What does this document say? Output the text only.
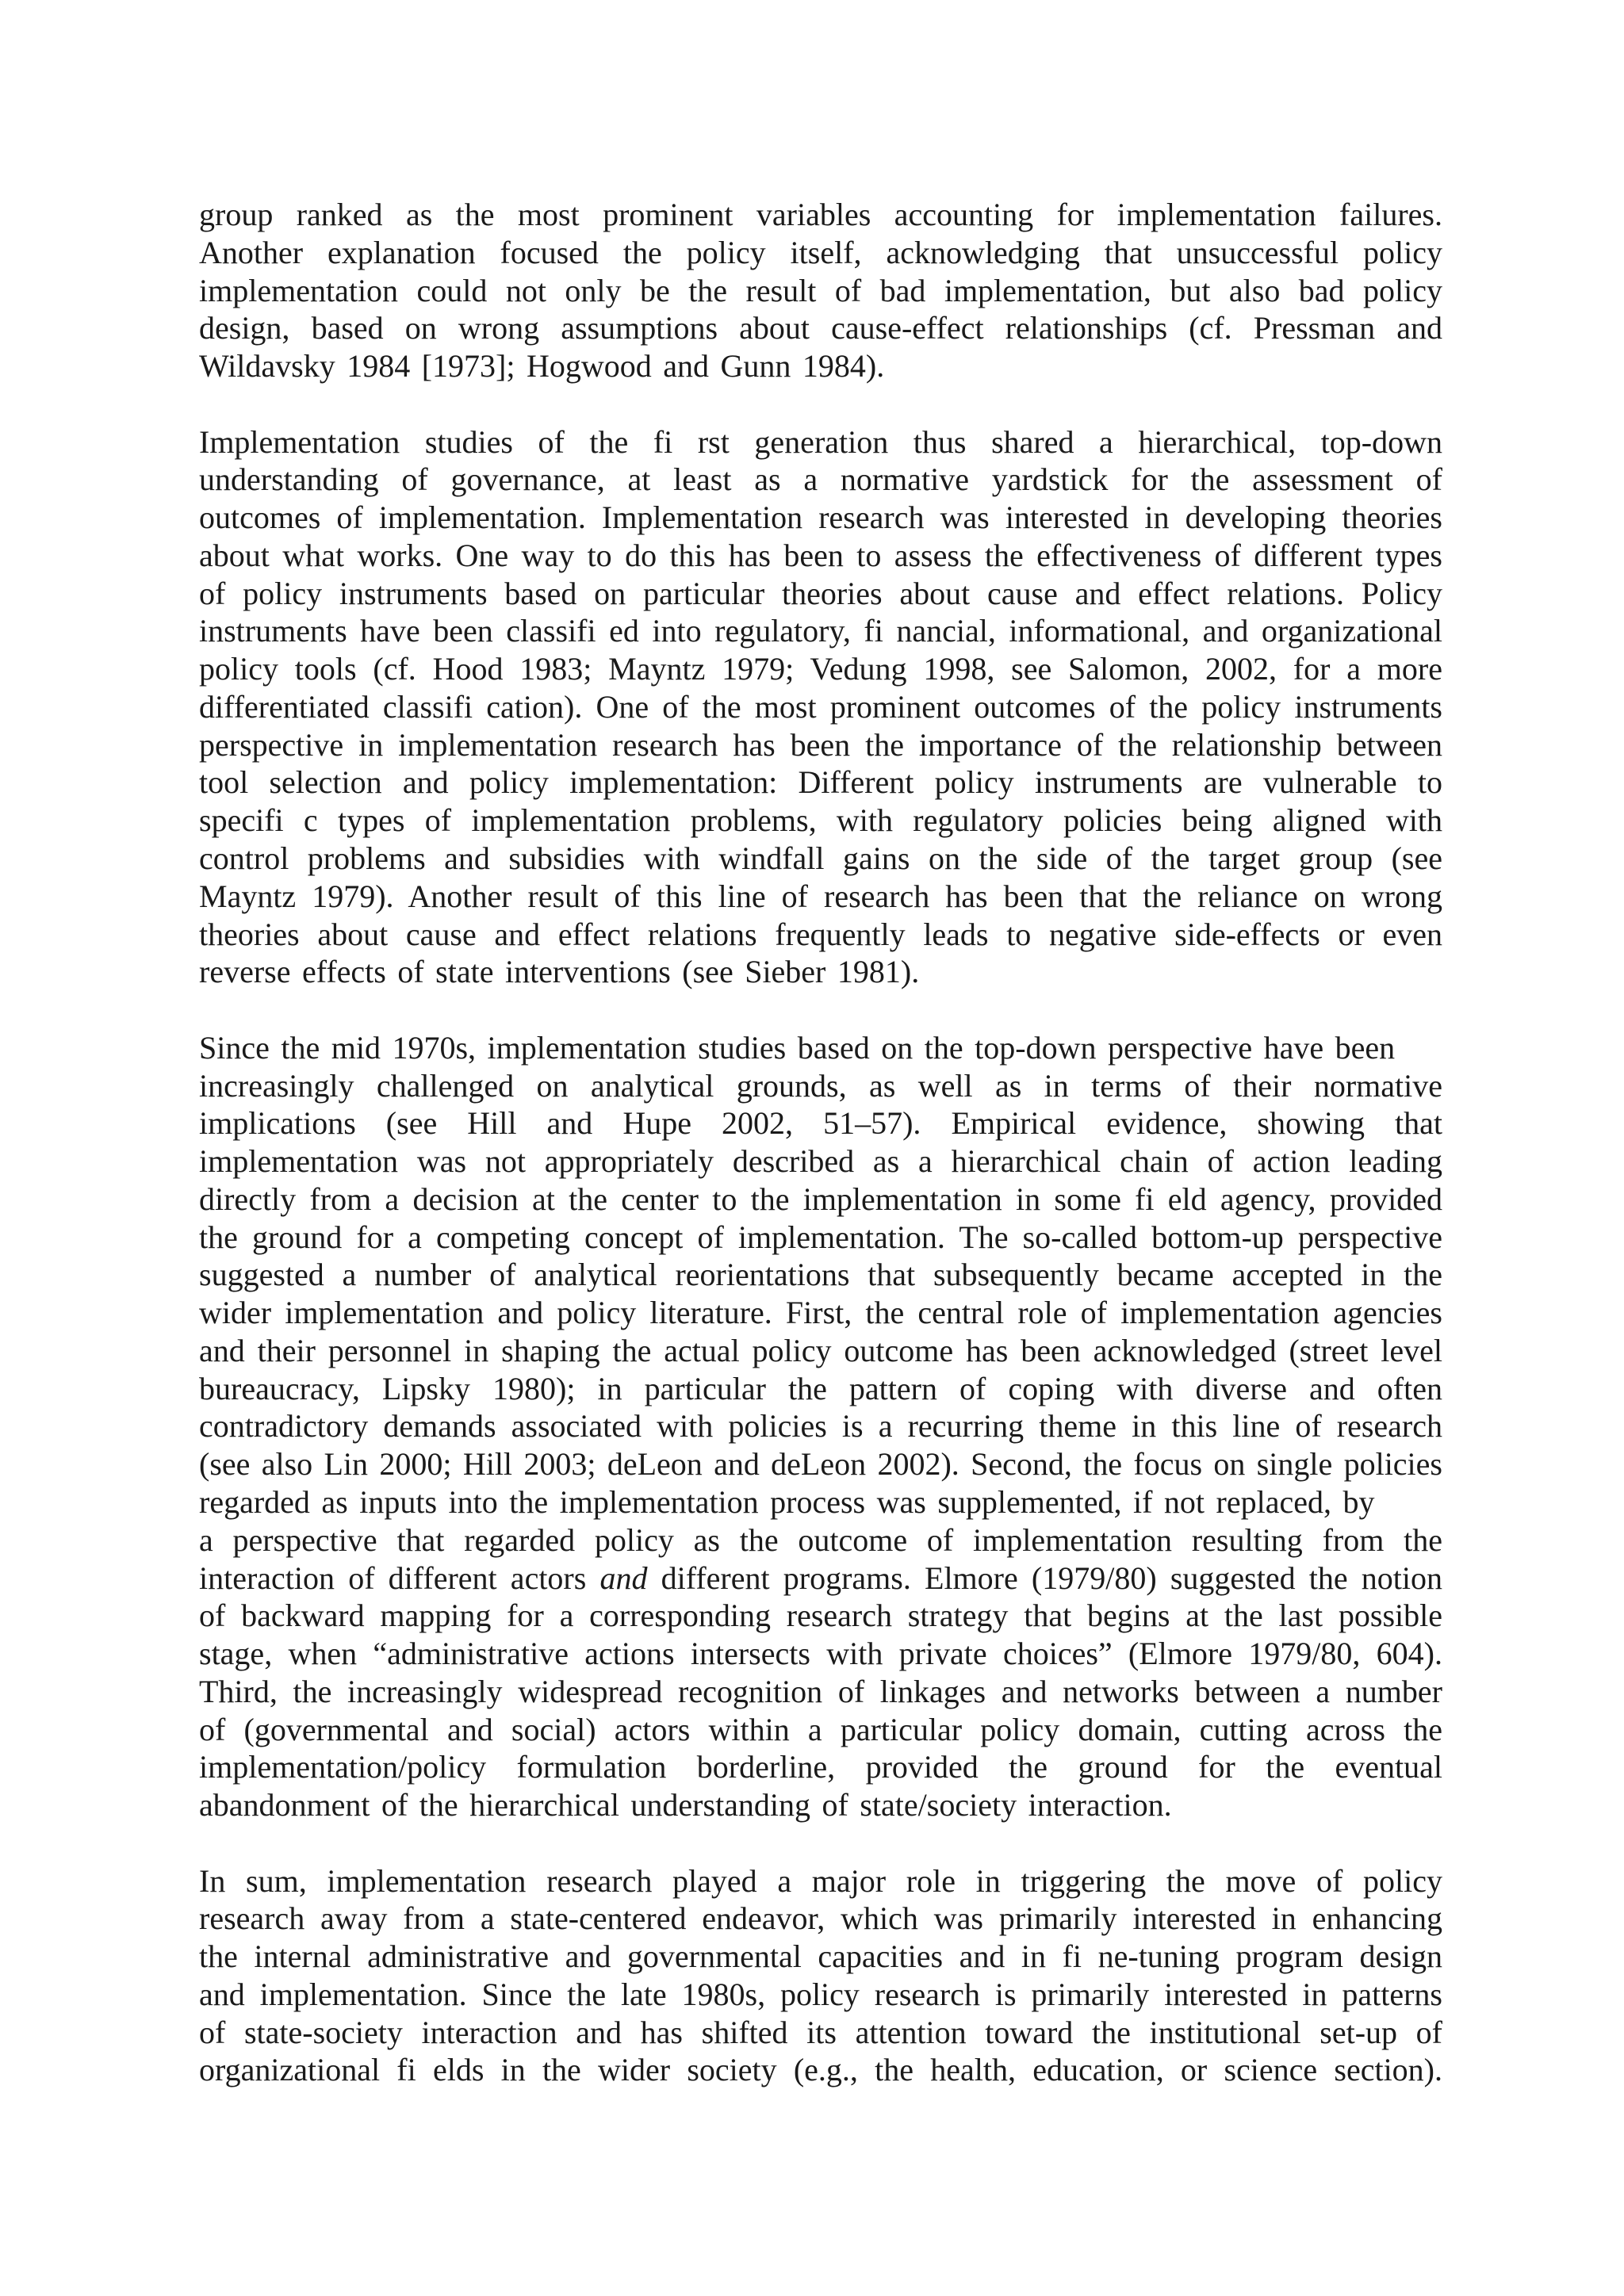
group ranked as the most prominent variables accounting for implementation failures.
Another explanation focused the policy itself, acknowledging that unsuccessful policy
implementation could not only be the result of bad implementation, but also bad policy
design, based on wrong assumptions about cause-effect relationships (cf. Pressman and
Wildavsky 1984 [1973]; Hogwood and Gunn 1984).
Implementation studies of the fi rst generation thus shared a hierarchical, top-down
understanding of governance, at least as a normative yardstick for the assessment of
outcomes of implementation. Implementation research was interested in developing theories
about what works. One way to do this has been to assess the effectiveness of different types
of policy instruments based on particular theories about cause and effect relations. Policy
instruments have been classifi ed into regulatory, fi nancial, informational, and organizational
policy tools (cf. Hood 1983; Mayntz 1979; Vedung 1998, see Salomon, 2002, for a more
differentiated classifi cation). One of the most prominent outcomes of the policy instruments
perspective in implementation research has been the importance of the relationship between
tool selection and policy implementation: Different policy instruments are vulnerable to
specifi c types of implementation problems, with regulatory policies being aligned with
control problems and subsidies with windfall gains on the side of the target group (see
Mayntz 1979). Another result of this line of research has been that the reliance on wrong
theories about cause and effect relations frequently leads to negative side-effects or even
reverse effects of state interventions (see Sieber 1981).
Since the mid 1970s, implementation studies based on the top-down perspective have been
increasingly challenged on analytical grounds, as well as in terms of their normative
implications (see Hill and Hupe 2002, 51–57). Empirical evidence, showing that
implementation was not appropriately described as a hierarchical chain of action leading
directly from a decision at the center to the implementation in some fi eld agency, provided
the ground for a competing concept of implementation. The so-called bottom-up perspective
suggested a number of analytical reorientations that subsequently became accepted in the
wider implementation and policy literature. First, the central role of implementation agencies
and their personnel in shaping the actual policy outcome has been acknowledged (street level
bureaucracy, Lipsky 1980); in particular the pattern of coping with diverse and often
contradictory demands associated with policies is a recurring theme in this line of research
(see also Lin 2000; Hill 2003; deLeon and deLeon 2002). Second, the focus on single policies
regarded as inputs into the implementation process was supplemented, if not replaced, by
a perspective that regarded policy as the outcome of implementation resulting from the
interaction of different actors and different programs. Elmore (1979/80) suggested the notion
of backward mapping for a corresponding research strategy that begins at the last possible
stage, when “administrative actions intersects with private choices” (Elmore 1979/80, 604).
Third, the increasingly widespread recognition of linkages and networks between a number
of (governmental and social) actors within a particular policy domain, cutting across the
implementation/policy formulation borderline, provided the ground for the eventual
abandonment of the hierarchical understanding of state/society interaction.
In sum, implementation research played a major role in triggering the move of policy
research away from a state-centered endeavor, which was primarily interested in enhancing
the internal administrative and governmental capacities and in fi ne-tuning program design
and implementation. Since the late 1980s, policy research is primarily interested in patterns
of state-society interaction and has shifted its attention toward the institutional set-up of
organizational fi elds in the wider society (e.g., the health, education, or science section).
